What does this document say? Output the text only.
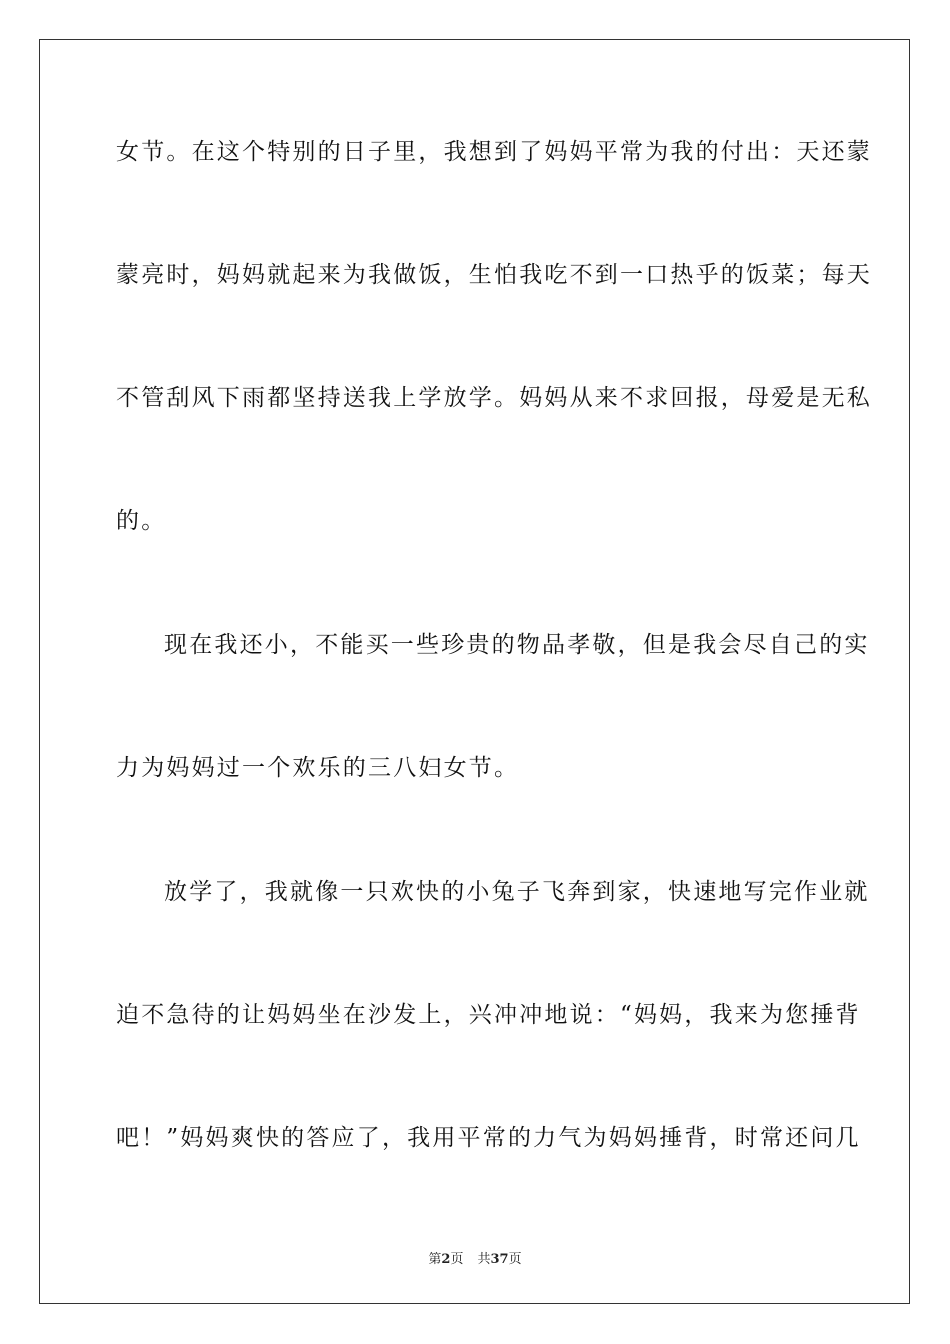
女节。在这个特别的日子里，我想到了妈妈平常为我的付出：天还蒙
蒙亮时，妈妈就起来为我做饭，生怕我吃不到一口热乎的饭菜；每天
不管刮风下雨都坚持送我上学放学。妈妈从来不求回报，母爱是无私
的。
现在我还小，不能买一些珍贵的物品孝敬，但是我会尽自己的实
力为妈妈过一个欢乐的三八妇女节。
放学了，我就像一只欢快的小兔子飞奔到家，快速地写完作业就
迫不急待的让妈妈坐在沙发上，兴冲冲地说：“妈妈，我来为您捶背
吧！”妈妈爽快的答应了，我用平常的力气为妈妈捶背，时常还问几
第2页 共37页
